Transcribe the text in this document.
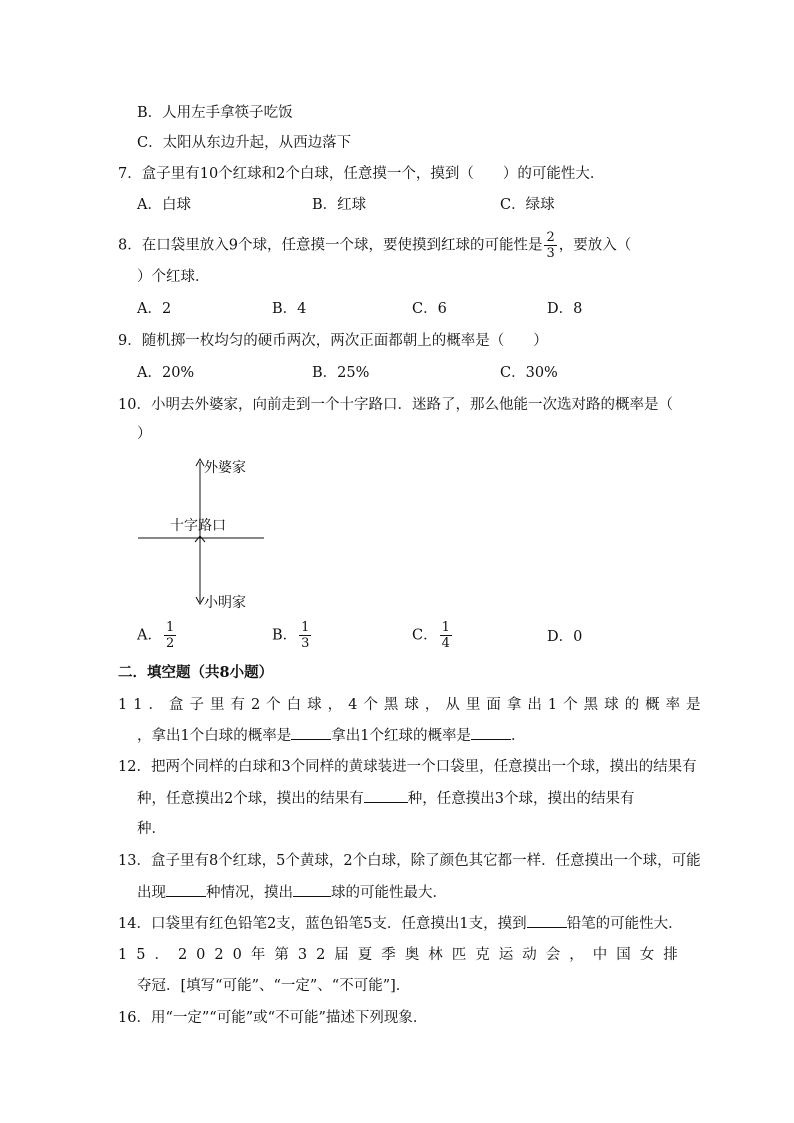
B．人用左手拿筷子吃饭
C．太阳从东边升起，从西边落下
7．盒子里有10个红球和2个白球，任意摸一个，摸到（　　）的可能性大．
A．白球	B．红球	C．绿球
8．在口袋里放入9个球，任意摸一个球，要使摸到红球的可能性是 $\frac{2}{3}$ ，要放入（
）个红球．
A．2	B．4	C．6	D．8
9．随机掷一枚均匀的硬币两次，两次正面都朝上的概率是（　　）
A．20%	B．25%	C．30%
10．小明去外婆家，向前走到一个十字路口．迷路了，那么他能一次选对路的概率是（
）
外婆家
十字路口
小明家
A． $\frac{1}{2}$	B． $\frac{1}{3}$	C． $\frac{1}{4}$	D．0
二．填空题（共8小题）
11．盒子里有2个白球，4个黑球，从里面拿出1个黑球的概率是
，拿出1个白球的概率是	拿出1个红球的概率是	．
12．把两个同样的白球和3个同样的黄球装进一个口袋里，任意摸出一个球，摸出的结果有
种，任意摸出2个球，摸出的结果有	种，任意摸出3个球，摸出的结果有
种．
13．盒子里有8个红球，5个黄球，2个白球，除了颜色其它都一样．任意摸出一个球，可能
出现	种情况，摸出	球的可能性最大．
14．口袋里有红色铅笔2支，蓝色铅笔5支．任意摸出1支，摸到	铅笔的可能性大．
15．2020年第32届夏季奥林匹克运动会，中国女排
夺冠．[填写“可能”、“一定”、“不可能”]．
16．用“一定”“可能”或“不可能”描述下列现象．
